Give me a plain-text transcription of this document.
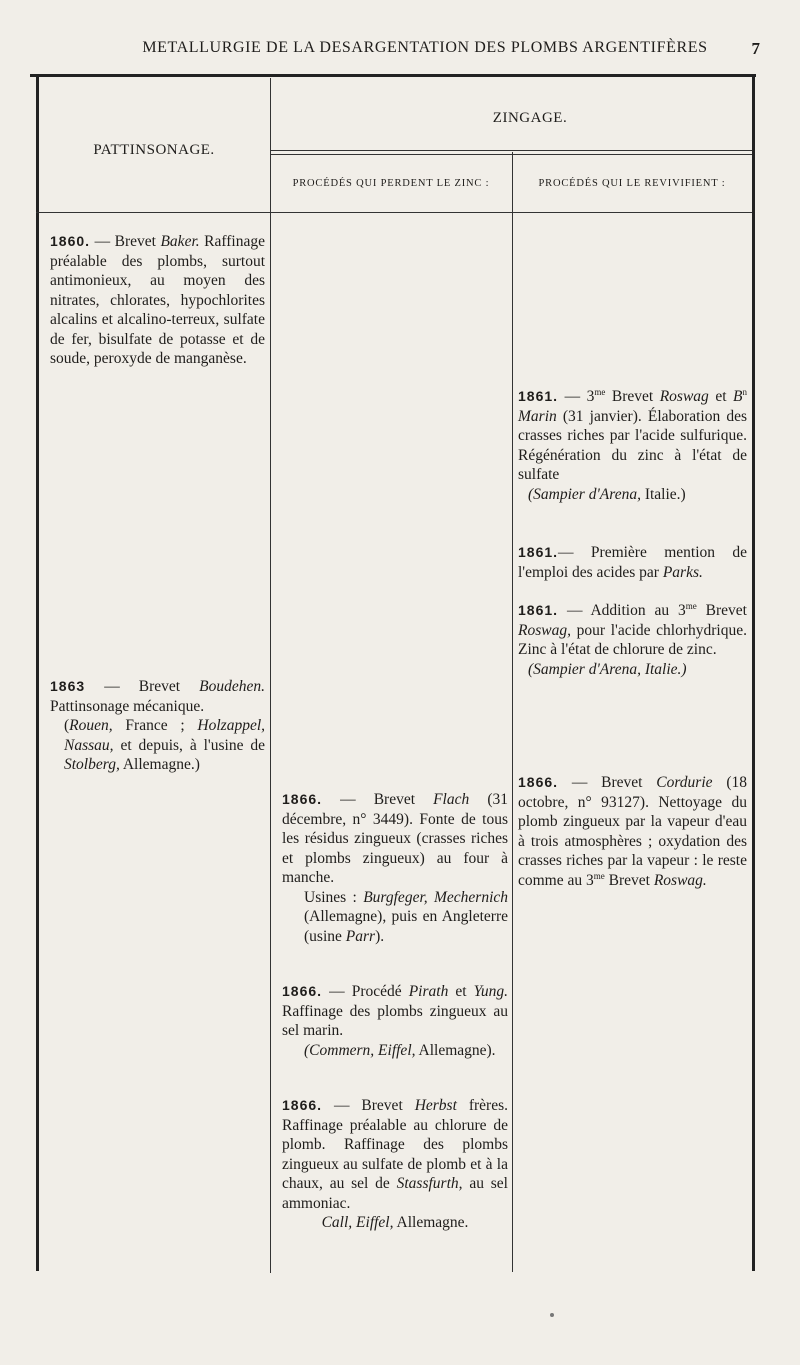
METALLURGIE DE LA DESARGENTATION DES PLOMBS ARGENTIFÈRES	7
PATTINSONAGE.
ZINGAGE.
PROCÉDÉS QUI PERDENT LE ZINC :	PROCÉDÉS QUI LE REVIVIFIENT :
1860. — Brevet Baker. Raffinage préalable des plombs, surtout antimonieux, au moyen des nitrates, chlorates, hypochlorites alcalins et alcalino-terreux, sulfate de fer, bisulfate de potasse et de soude, peroxyde de manganèse.
1863 — Brevet Boudehen. Pattinsonage mécanique.
(Rouen, France ; Holzappel, Nassau, et depuis, à l'usine de Stolberg, Allemagne.)
1866. — Brevet Flach (31 décembre, n° 3449). Fonte de tous les résidus zingueux (crasses riches et plombs zingueux) au four à manche.
Usines : Burgfeger, Mechernich (Allemagne), puis en Angleterre (usine Parr).
1866. — Procédé Pirath et Yung. Raffinage des plombs zingueux au sel marin.
(Commern, Eiffel, Allemagne).
1866. — Brevet Herbst frères. Raffinage préalable au chlorure de plomb. Raffinage des plombs zingueux au sulfate de plomb et à la chaux, au sel de Stassfurth, au sel ammoniac.
Call, Eiffel, Allemagne.
1861. — $3^{me}$ Brevet Roswag et $B^n$ Marin (31 janvier). Élaboration des crasses riches par l'acide sulfurique. Régénération du zinc à l'état de sulfate
(Sampier d'Arena, Italie.)
1861.— Première mention de l'emploi des acides par Parks.
1861. — Addition au $3^{me}$ Brevet Roswag, pour l'acide chlorhydrique. Zinc à l'état de chlorure de zinc.
(Sampier d'Arena, Italie.)
1866. — Brevet Cordurie (18 octobre, n° 93127). Nettoyage du plomb zingueux par la vapeur d'eau à trois atmosphères ; oxydation des crasses riches par la vapeur : le reste comme au $3^{me}$ Brevet Roswag.
